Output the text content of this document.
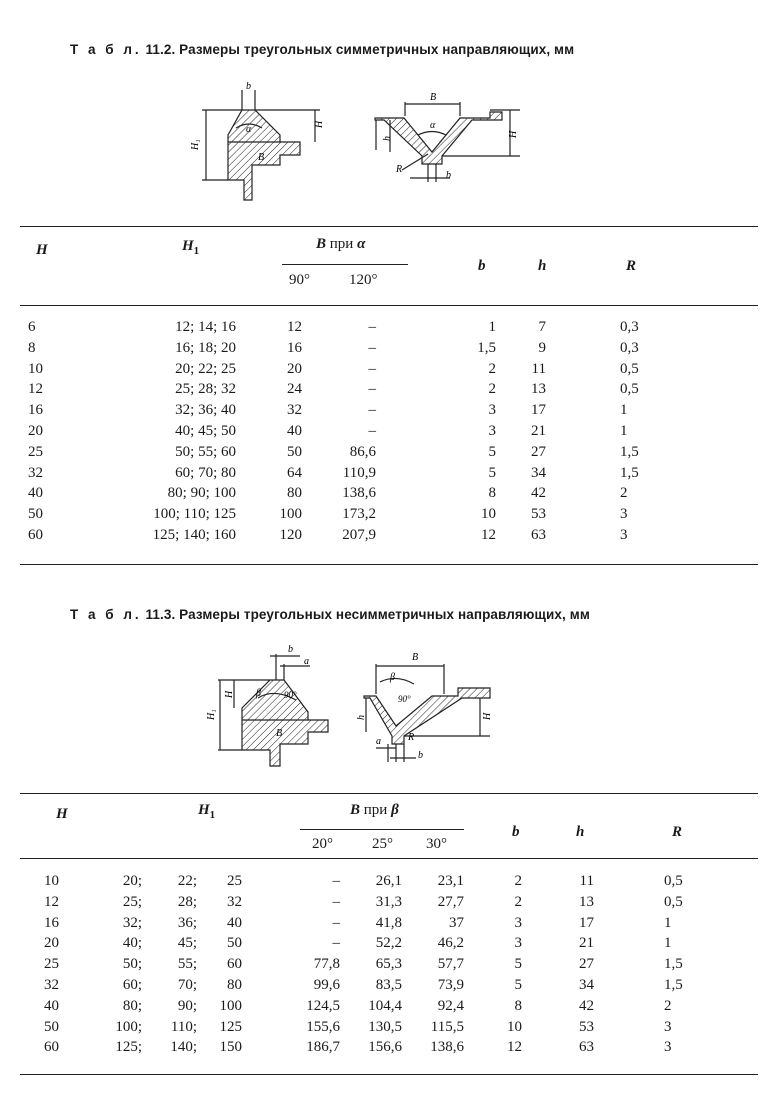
Т а б л. 11.2. Размеры треугольных симметричных направляющих, мм
b
H₁
H
α
B
B
h
α
H
R
b
H	$H_1$	B при α
90°	120°
b	h	R
6	12; 14; 16	12	–	1	7	0,3
8	16; 18; 20	16	–	1,5	9	0,3
10	20; 22; 25	20	–	2	11	0,5
12	25; 28; 32	24	–	2	13	0,5
16	32; 36; 40	32	–	3	17	1
20	40; 45; 50	40	–	3	21	1
25	50; 55; 60	50	86,6	5	27	1,5
32	60; 70; 80	64	110,9	5	34	1,5
40	80; 90; 100	80	138,6	8	42	2
50	100; 110; 125	100	173,2	10	53	3
60	125; 140; 160	120	207,9	12	63	3
Т а б л. 11.3. Размеры треугольных несимметричных направляющих, мм
b
a
H₁
H β	90°
B
B
β
90°
h	H
a	R
b
H	$H_1$	B при β
20°	25° 30°
b	h	R
10	20;	22;	25	–	26,1	23,1	2	11	0,5
12	25;	28;	32	–	31,3	27,7	2	13	0,5
16	32;	36;	40	–	41,8	37	3	17	1
20	40;	45;	50	–	52,2	46,2	3	21	1
25	50;	55;	60	77,8	65,3	57,7	5	27	1,5
32	60;	70;	80	99,6	83,5	73,9	5	34	1,5
40	80;	90;	100	124,5	104,4	92,4	8	42	2
50	100;	110;	125	155,6	130,5	115,5	10	53	3
60	125;	140;	150	186,7	156,6	138,6	12	63	3
